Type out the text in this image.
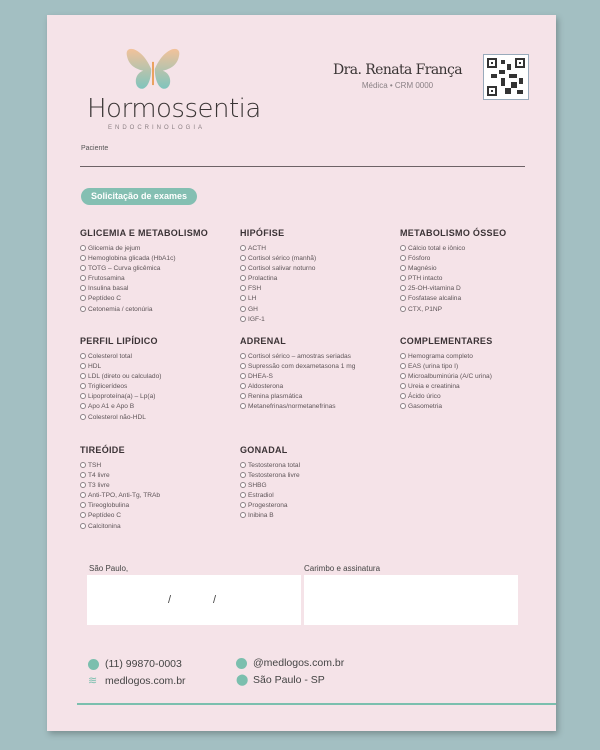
Hormossentia
ENDOCRINOLOGIA
Dra. Renata França
Médica • CRM 0000
Paciente
Solicitação de exames
GLICEMIA E METABOLISMO
Glicemia de jejum
Hemoglobina glicada (HbA1c)
TOTG – Curva glicêmica
Frutosamina
Insulina basal
Peptídeo C
Cetonemia / cetonúria
HIPÓFISE
ACTH
Cortisol sérico (manhã)
Cortisol salivar noturno
Prolactina
FSH
LH
GH
IGF-1
METABOLISMO ÓSSEO
Cálcio total e iônico
Fósforo
Magnésio
PTH intacto
25-OH-vitamina D
Fosfatase alcalina
CTX, P1NP
PERFIL LIPÍDICO
Colesterol total
HDL
LDL (direto ou calculado)
Triglicerídeos
Lipoproteína(a) – Lp(a)
Apo A1 e Apo B
Colesterol não-HDL
ADRENAL
Cortisol sérico – amostras seriadas
Supressão com dexametasona 1 mg
DHEA-S
Aldosterona
Renina plasmática
Metanefrinas/normetanefrinas
COMPLEMENTARES
Hemograma completo
EAS (urina tipo I)
Microalbuminúria (A/C urina)
Ureia e creatinina
Ácido úrico
Gasometria
TIREÓIDE
TSH
T4 livre
T3 livre
Anti-TPO, Anti-Tg, TRAb
Tireoglobulina
Peptídeo C
Calcitonina
GONADAL
Testosterona total
Testosterona livre
SHBG
Estradiol
Progesterona
Inibina B
São Paulo,	Carimbo e assinatura
/	/
(11) 99870-0003
≋ medlogos.com.br
@medlogos.com.br
⬤ São Paulo - SP
